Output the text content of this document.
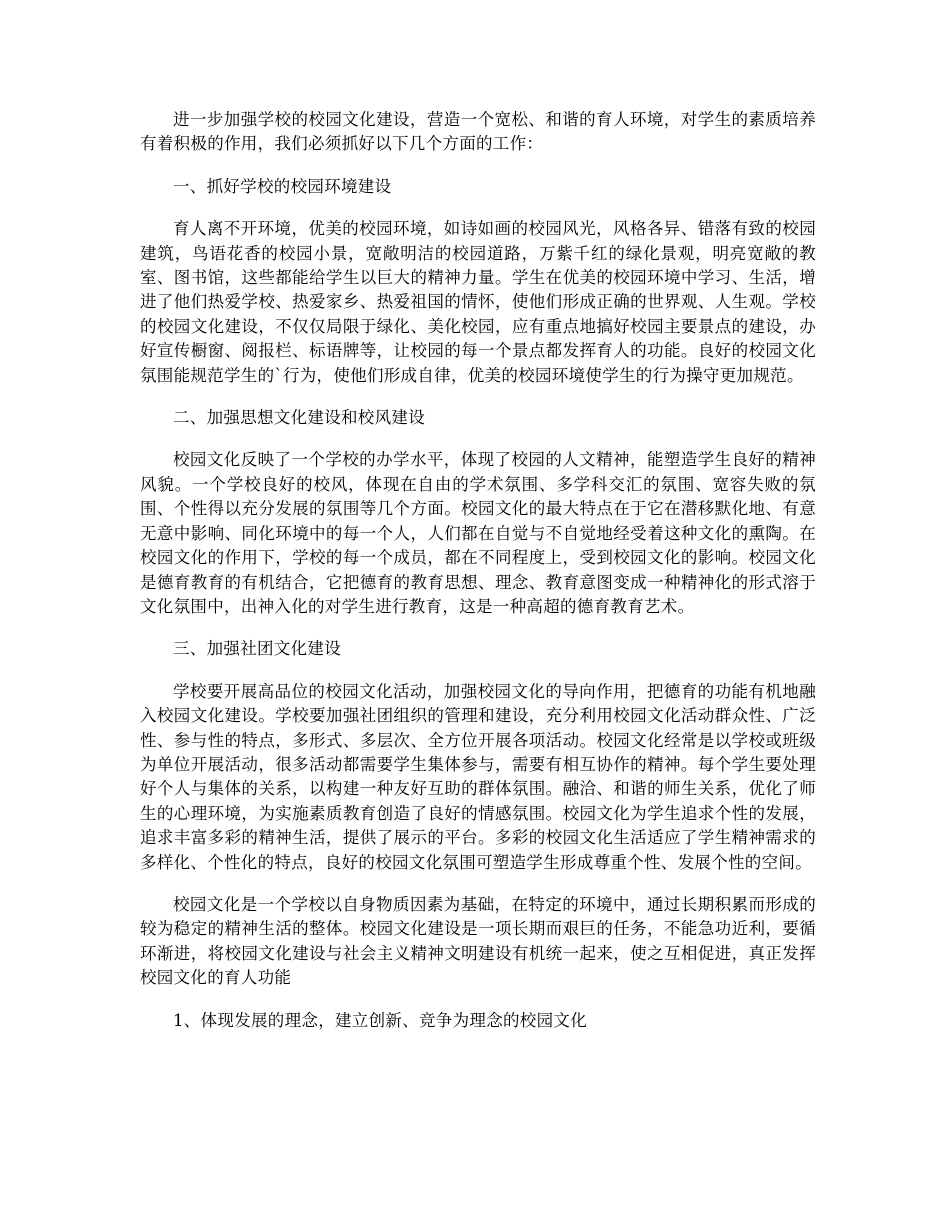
进一步加强学校的校园文化建设，营造一个宽松、和谐的育人环境，对学生的素质培养有着积极的作用，我们必须抓好以下几个方面的工作：

一、抓好学校的校园环境建设

育人离不开环境，优美的校园环境，如诗如画的校园风光，风格各异、错落有致的校园建筑，鸟语花香的校园小景，宽敞明洁的校园道路，万紫千红的绿化景观，明亮宽敞的教室、图书馆，这些都能给学生以巨大的精神力量。学生在优美的校园环境中学习、生活，增进了他们热爱学校、热爱家乡、热爱祖国的情怀，使他们形成正确的世界观、人生观。学校的校园文化建设，不仅仅局限于绿化、美化校园，应有重点地搞好校园主要景点的建设，办好宣传橱窗、阅报栏、标语牌等，让校园的每一个景点都发挥育人的功能。良好的校园文化氛围能规范学生的`行为，使他们形成自律，优美的校园环境使学生的行为操守更加规范。

二、加强思想文化建设和校风建设

校园文化反映了一个学校的办学水平，体现了校园的人文精神，能塑造学生良好的精神风貌。一个学校良好的校风，体现在自由的学术氛围、多学科交汇的氛围、宽容失败的氛围、个性得以充分发展的氛围等几个方面。校园文化的最大特点在于它在潜移默化地、有意无意中影响、同化环境中的每一个人，人们都在自觉与不自觉地经受着这种文化的熏陶。在校园文化的作用下，学校的每一个成员，都在不同程度上，受到校园文化的影响。校园文化是德育教育的有机结合，它把德育的教育思想、理念、教育意图变成一种精神化的形式溶于文化氛围中，出神入化的对学生进行教育，这是一种高超的德育教育艺术。

三、加强社团文化建设

学校要开展高品位的校园文化活动，加强校园文化的导向作用，把德育的功能有机地融入校园文化建设。学校要加强社团组织的管理和建设，充分利用校园文化活动群众性、广泛性、参与性的特点，多形式、多层次、全方位开展各项活动。校园文化经常是以学校或班级为单位开展活动，很多活动都需要学生集体参与，需要有相互协作的精神。每个学生要处理好个人与集体的关系，以构建一种友好互助的群体氛围。融洽、和谐的师生关系，优化了师生的心理环境，为实施素质教育创造了良好的情感氛围。校园文化为学生追求个性的发展，追求丰富多彩的精神生活，提供了展示的平台。多彩的校园文化生活适应了学生精神需求的多样化、个性化的特点，良好的校园文化氛围可塑造学生形成尊重个性、发展个性的空间。

校园文化是一个学校以自身物质因素为基础，在特定的环境中，通过长期积累而形成的较为稳定的精神生活的整体。校园文化建设是一项长期而艰巨的任务，不能急功近利，要循环渐进，将校园文化建设与社会主义精神文明建设有机统一起来，使之互相促进，真正发挥校园文化的育人功能

1、体现发展的理念，建立创新、竞争为理念的校园文化
